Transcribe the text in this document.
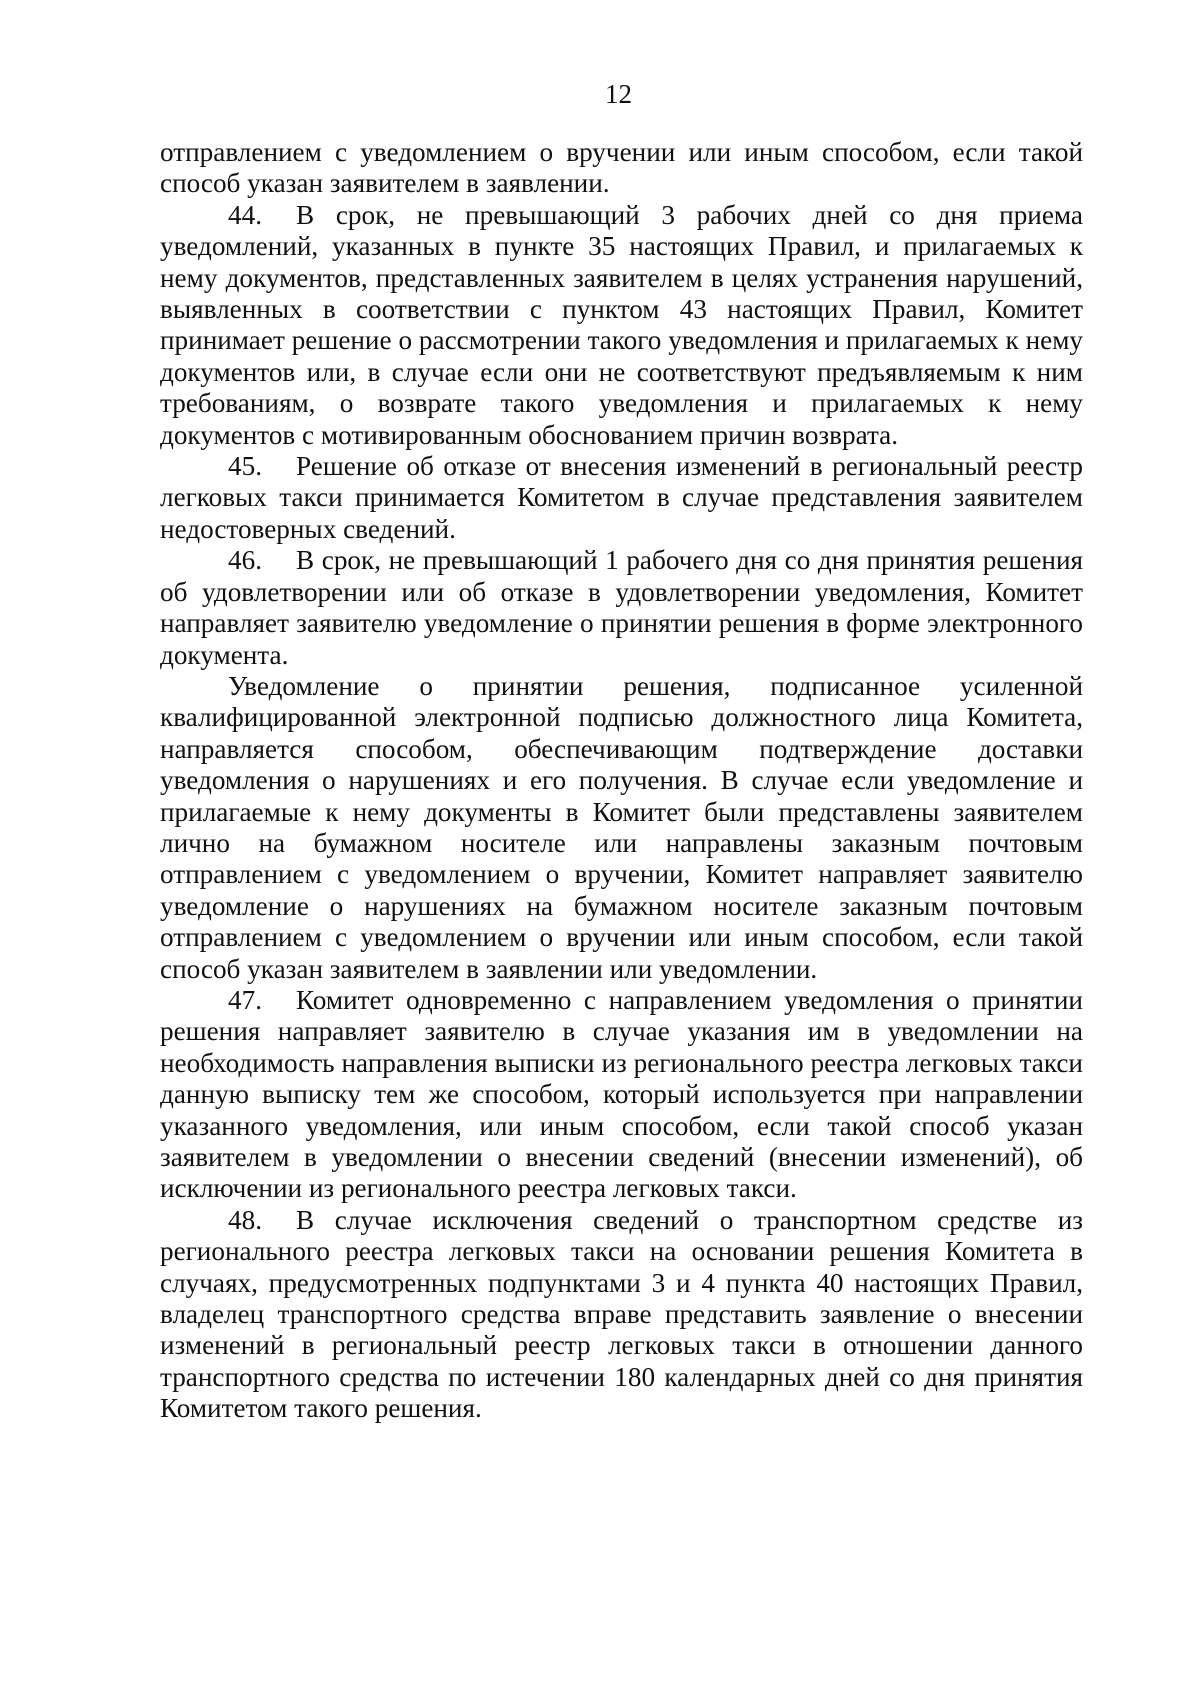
12

отправлением с уведомлением о вручении или иным способом, если такой способ указан заявителем в заявлении.

44. В срок, не превышающий 3 рабочих дней со дня приема уведомлений, указанных в пункте 35 настоящих Правил, и прилагаемых к нему документов, представленных заявителем в целях устранения нарушений, выявленных в соответствии с пунктом 43 настоящих Правил, Комитет принимает решение о рассмотрении такого уведомления и прилагаемых к нему документов или, в случае если они не соответствуют предъявляемым к ним требованиям, о возврате такого уведомления и прилагаемых к нему документов с мотивированным обоснованием причин возврата.

45. Решение об отказе от внесения изменений в региональный реестр легковых такси принимается Комитетом в случае представления заявителем недостоверных сведений.

46. В срок, не превышающий 1 рабочего дня со дня принятия решения об удовлетворении или об отказе в удовлетворении уведомления, Комитет направляет заявителю уведомление о принятии решения в форме электронного документа.

Уведомление о принятии решения, подписанное усиленной квалифицированной электронной подписью должностного лица Комитета, направляется способом, обеспечивающим подтверждение доставки уведомления о нарушениях и его получения. В случае если уведомление и прилагаемые к нему документы в Комитет были представлены заявителем лично на бумажном носителе или направлены заказным почтовым отправлением с уведомлением о вручении, Комитет направляет заявителю уведомление о нарушениях на бумажном носителе заказным почтовым отправлением с уведомлением о вручении или иным способом, если такой способ указан заявителем в заявлении или уведомлении.

47. Комитет одновременно с направлением уведомления о принятии решения направляет заявителю в случае указания им в уведомлении на необходимость направления выписки из регионального реестра легковых такси данную выписку тем же способом, который используется при направлении указанного уведомления, или иным способом, если такой способ указан заявителем в уведомлении о внесении сведений (внесении изменений), об исключении из регионального реестра легковых такси.

48. В случае исключения сведений о транспортном средстве из регионального реестра легковых такси на основании решения Комитета в случаях, предусмотренных подпунктами 3 и 4 пункта 40 настоящих Правил, владелец транспортного средства вправе представить заявление о внесении изменений в региональный реестр легковых такси в отношении данного транспортного средства по истечении 180 календарных дней со дня принятия Комитетом такого решения.
